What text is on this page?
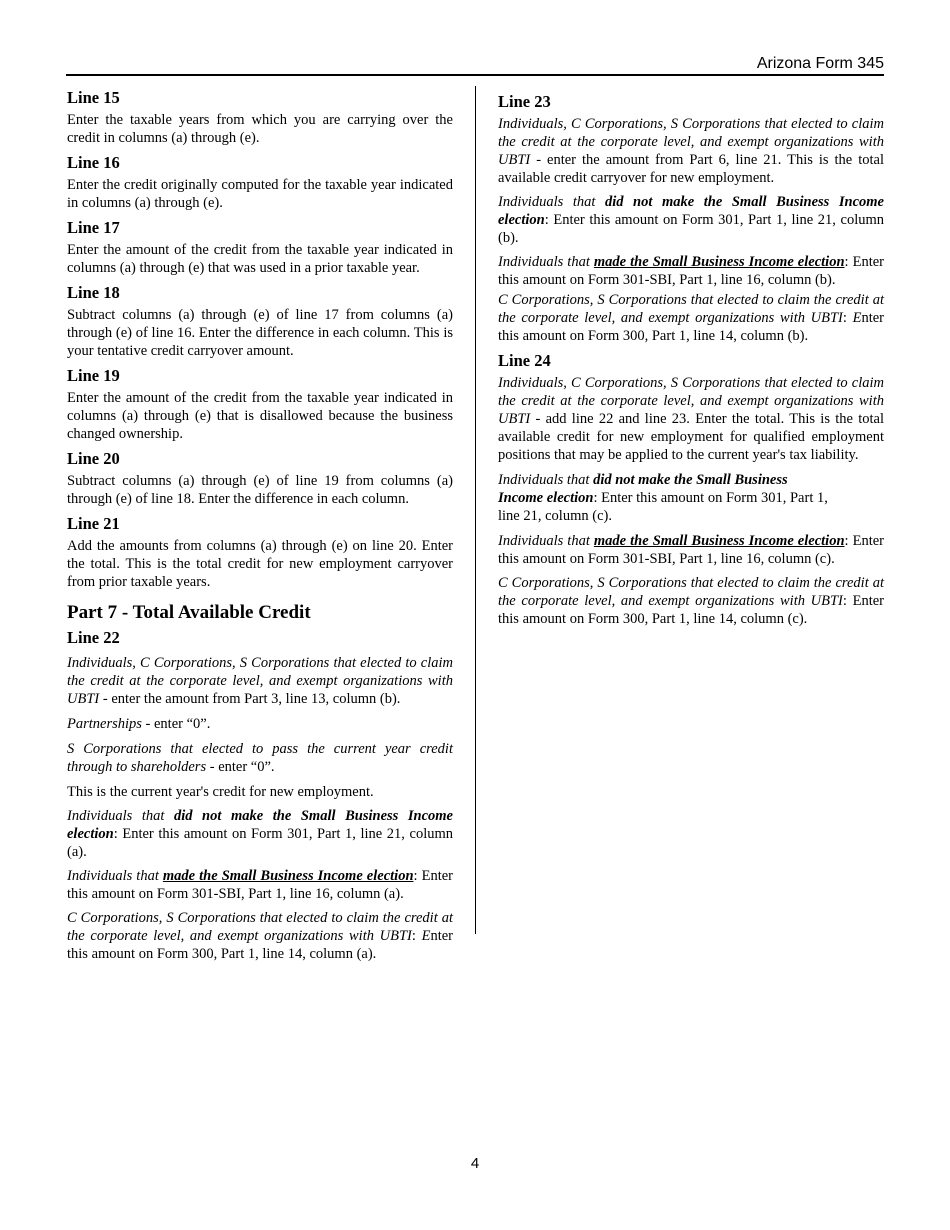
Arizona Form 345
Line 15

Enter the taxable years from which you are carrying over the credit in columns (a) through (e).

Line 16

Enter the credit originally computed for the taxable year indicated in columns (a) through (e).

Line 17

Enter the amount of the credit from the taxable year indicated in columns (a) through (e) that was used in a prior taxable year.

Line 18

Subtract columns (a) through (e) of line 17 from columns (a) through (e) of line 16. Enter the difference in each column. This is your tentative credit carryover amount.

Line 19

Enter the amount of the credit from the taxable year indicated in columns (a) through (e) that is disallowed because the business changed ownership.

Line 20

Subtract columns (a) through (e) of line 19 from columns (a) through (e) of line 18. Enter the difference in each column.

Line 21

Add the amounts from columns (a) through (e) on line 20. Enter the total. This is the total credit for new employment carryover from prior taxable years.

Part 7 - Total Available Credit
Line 22

Individuals, C Corporations, S Corporations that elected to claim the credit at the corporate level, and exempt organizations with UBTI - enter the amount from Part 3, line 13, column (b).

Partnerships - enter “0”.

S Corporations that elected to pass the current year credit through to shareholders - enter “0”.

This is the current year's credit for new employment.

Individuals that did not make the Small Business Income election: Enter this amount on Form 301, Part 1, line 21, column (a).

Individuals that made the Small Business Income election: Enter this amount on Form 301-SBI, Part 1, line 16, column (a).

C Corporations, S Corporations that elected to claim the credit at the corporate level, and exempt organizations with UBTI: Enter this amount on Form 300, Part 1, line 14, column (a).

Line 23

Individuals, C Corporations, S Corporations that elected to claim the credit at the corporate level, and exempt organizations with UBTI - enter the amount from Part 6, line 21. This is the total available credit carryover for new employment.

Individuals that did not make the Small Business Income election: Enter this amount on Form 301, Part 1, line 21, column (b).

Individuals that made the Small Business Income election: Enter this amount on Form 301-SBI, Part 1, line 16, column (b).

C Corporations, S Corporations that elected to claim the credit at the corporate level, and exempt organizations with UBTI: Enter this amount on Form 300, Part 1, line 14, column (b).

Line 24

Individuals, C Corporations, S Corporations that elected to claim the credit at the corporate level, and exempt organizations with UBTI - add line 22 and line 23. Enter the total. This is the total available credit for new employment for qualified employment positions that may be applied to the current year's tax liability.

Individuals that did not make the Small Business Income election: Enter this amount on Form 301, Part 1, line 21, column (c).

Individuals that made the Small Business Income election: Enter this amount on Form 301-SBI, Part 1, line 16, column (c).

C Corporations, S Corporations that elected to claim the credit at the corporate level, and exempt organizations with UBTI: Enter this amount on Form 300, Part 1, line 14, column (c).

4
